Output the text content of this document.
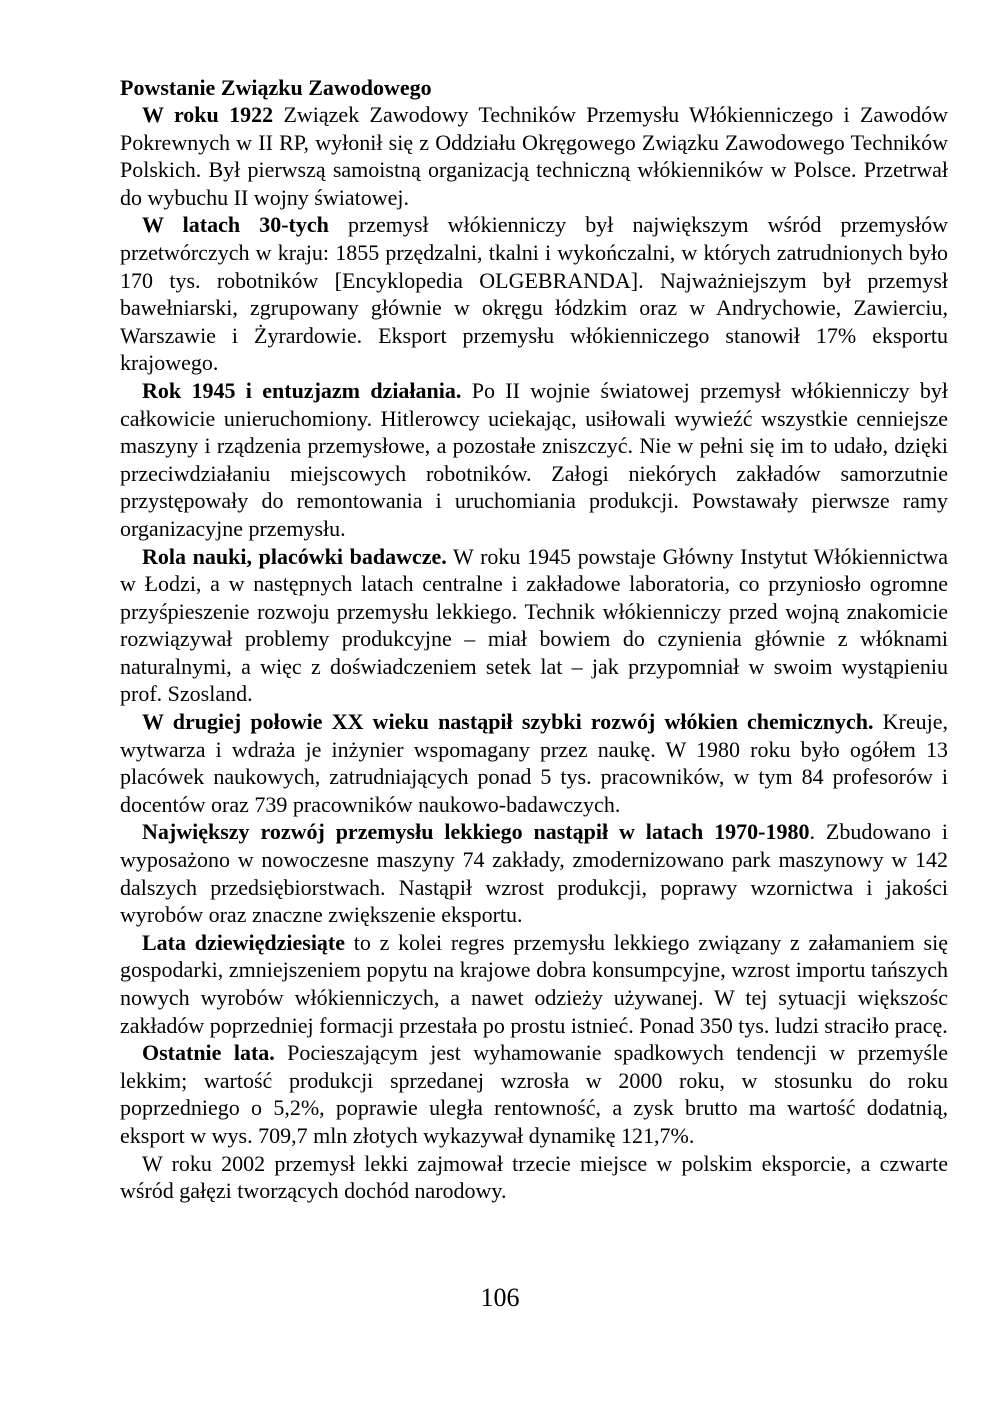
Powstanie Związku Zawodowego

W roku 1922 Związek Zawodowy Techników Przemysłu Włókienniczego i Zawodów Pokrewnych w II RP, wyłonił się z Oddziału Okręgowego Związku Zawodowego Techników Polskich. Był pierwszą samoistną organizacją techniczną włókienników w Polsce. Przetrwał do wybuchu II wojny światowej.

W latach 30-tych przemysł włókienniczy był największym wśród przemysłów przetwórczych w kraju: 1855 przędzalni, tkalni i wykończalni, w których zatrudnionych było 170 tys. robotników [Encyklopedia OLGEBRANDA]. Najważniejszym był przemysł bawełniarski, zgrupowany głównie w okręgu łódzkim oraz w Andrychowie, Zawierciu, Warszawie i Żyrardowie. Eksport przemysłu włókienniczego stanowił 17% eksportu krajowego.

Rok 1945 i entuzjazm działania. Po II wojnie światowej przemysł włókienniczy był całkowicie unieruchomiony. Hitlerowcy uciekając, usiłowali wywieźć wszystkie cenniejsze maszyny i rządzenia przemysłowe, a pozostałe zniszczyć. Nie w pełni się im to udało, dzięki przeciwdziałaniu miejscowych robotników. Załogi niekórych zakładów samorzutnie przystępowały do remontowania i uruchomiania produkcji. Powstawały pierwsze ramy organizacyjne przemysłu.

Rola nauki, placówki badawcze. W roku 1945 powstaje Główny Instytut Włókiennictwa w Łodzi, a w następnych latach centralne i zakładowe laboratoria, co przyniosło ogromne przyśpieszenie rozwoju przemysłu lekkiego. Technik włókienniczy przed wojną znakomicie rozwiązywał problemy produkcyjne – miał bowiem do czynienia głównie z włóknami naturalnymi, a więc z doświadczeniem setek lat – jak przypomniał w swoim wystąpieniu prof. Szosland.

W drugiej połowie XX wieku nastąpił szybki rozwój włókien chemicznych. Kreuje, wytwarza i wdraża je inżynier wspomagany przez naukę. W 1980 roku było ogółem 13 placówek naukowych, zatrudniających ponad 5 tys. pracowników, w tym 84 profesorów i docentów oraz 739 pracowników naukowo-badawczych.

Największy rozwój przemysłu lekkiego nastąpił w latach 1970-1980. Zbudowano i wyposażono w nowoczesne maszyny 74 zakłady, zmodernizowano park maszynowy w 142 dalszych przedsiębiorstwach. Nastąpił wzrost produkcji, poprawy wzornictwa i jakości wyrobów oraz znaczne zwiększenie eksportu.

Lata dziewiędziesiąte to z kolei regres przemysłu lekkiego związany z załamaniem się gospodarki, zmniejszeniem popytu na krajowe dobra konsumpcyjne, wzrost importu tańszych nowych wyrobów włókienniczych, a nawet odzieży używanej. W tej sytuacji większośc zakładów poprzedniej formacji przestała po prostu istnieć. Ponad 350 tys. ludzi straciło pracę.

Ostatnie lata. Pocieszającym jest wyhamowanie spadkowych tendencji w przemyśle lekkim; wartość produkcji sprzedanej wzrosła w 2000 roku, w stosunku do roku poprzedniego o 5,2%, poprawie uległa rentowność, a zysk brutto ma wartość dodatnią, eksport w wys. 709,7 mln złotych wykazywał dynamikę 121,7%.

W roku 2002 przemysł lekki zajmował trzecie miejsce w polskim eksporcie, a czwarte wśród gałęzi tworzących dochód narodowy.

106
